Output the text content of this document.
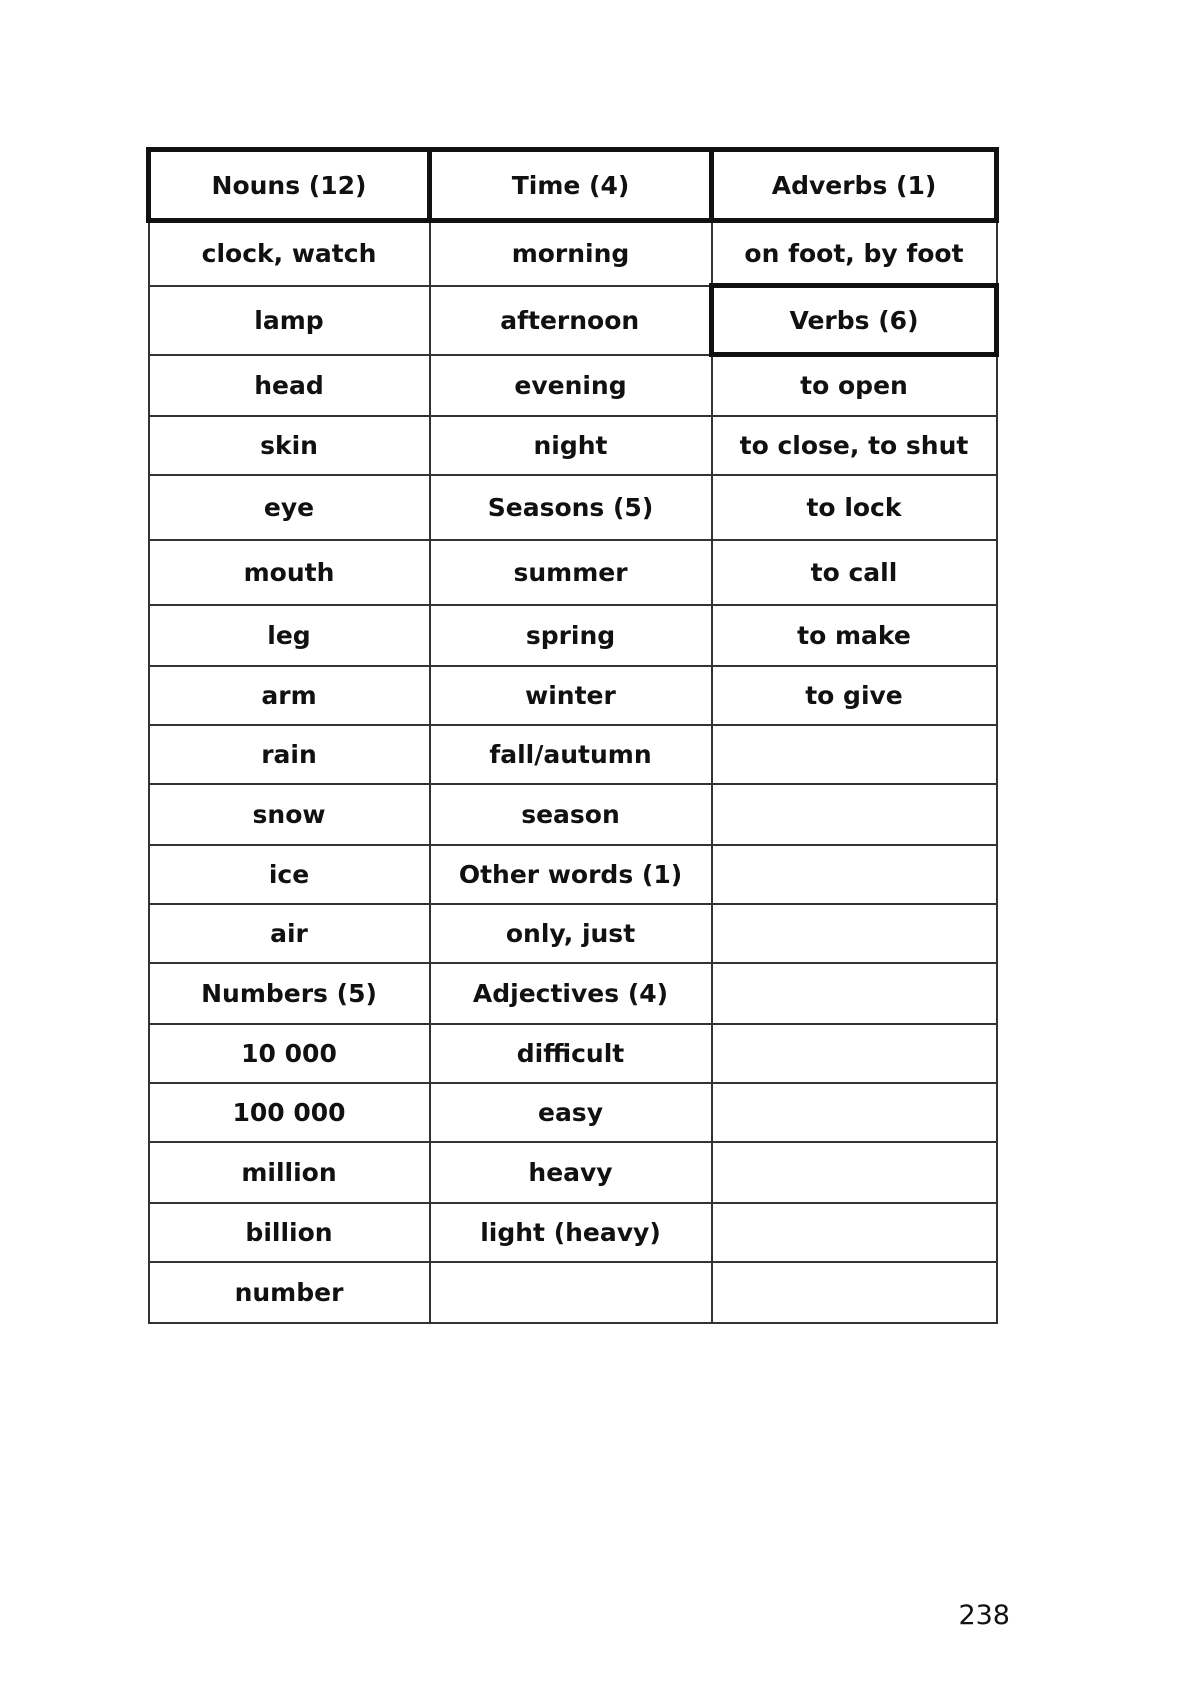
Nouns (12)	Time (4)	Adverbs (1)
clock, watch	morning	on foot, by foot
lamp	afternoon	Verbs (6)
head	evening	to open
skin	night	to close, to shut
eye	Seasons (5)	to lock
mouth	summer	to call
leg	spring	to make
arm	winter	to give
rain	fall/autumn	
snow	season	
ice	Other words (1)	
air	only, just	
Numbers (5)	Adjectives (4)	
10 000	difficult	
100 000	easy	
million	heavy	
billion	light (heavy)	
number		
238
